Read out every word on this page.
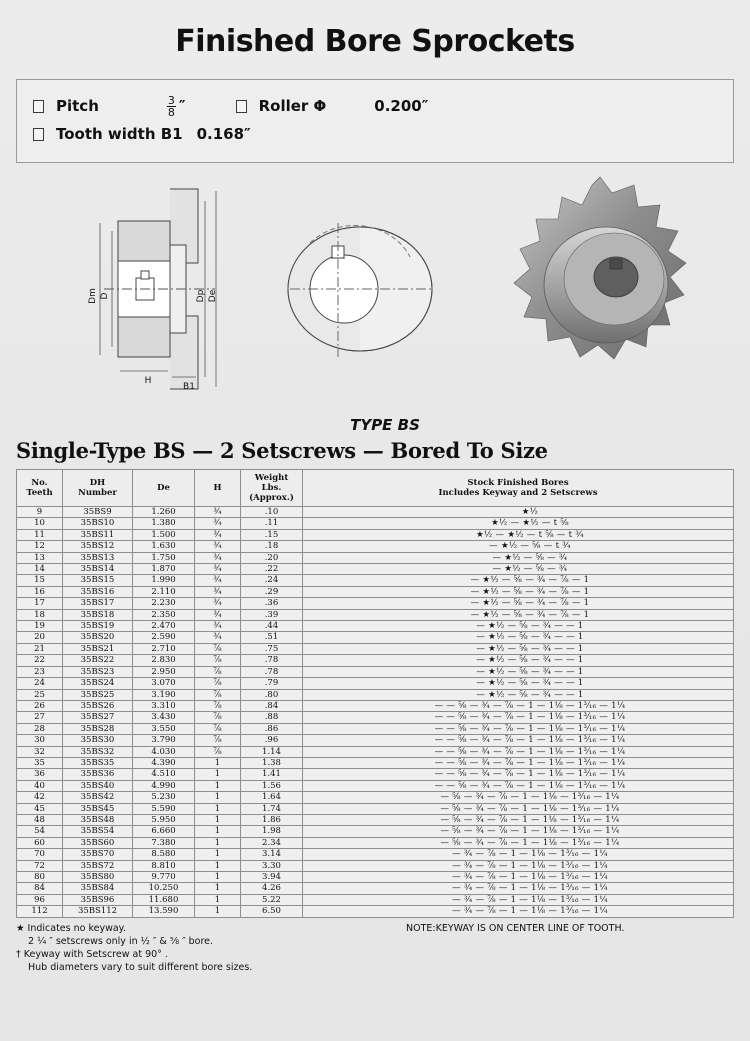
Finished Bore Sprockets
Pitch	$\frac{3}{8}$ ″	Roller Φ	0.200″
Tooth width B1 0.168″
Dm D	Dp De
H
B1
TYPE BS
Single-Type BS — 2 Setscrews — Bored To Size
No.
Teeth	DH
Number	De	H	Weight
Lbs.
(Approx.)	Stock Finished Bores
Includes Keyway and 2 Setscrews
9	35BS9	1.260	¾	.10	★½
10	35BS10	1.380	¾	.11	★½ — ★½ — t ⅝
11	35BS11	1.500	¾	.15	★½ — ★½ — t ⅝ — t ¾
12	35BS12	1.630	¾	.18	— ★½ — ⅝ — t ¾
13	35BS13	1.750	¾	.20	— ★½ — ⅝ — ¾
14	35BS14	1.870	¾	.22	— ★½ — ⅝ — ¾
15	35BS15	1.990	¾	.24	— ★½ — ⅝ — ¾ — ⅞ — 1
16	35BS16	2.110	¾	.29	— ★½ — ⅝ — ¾ — ⅞ — 1
17	35BS17	2.230	¾	.36	— ★½ — ⅝ — ¾ — ⅞ — 1
18	35BS18	2.350	¾	.39	— ★½ — ⅝ — ¾ — ⅞ — 1
19	35BS19	2.470	¾	.44	— ★½ — ⅝ — ¾ — — 1
20	35BS20	2.590	¾	.51	— ★½ — ⅝ — ¾ — — 1
21	35BS21	2.710	⅞	.75	— ★½ — ⅝ — ¾ — — 1
22	35BS22	2.830	⅞	.78	— ★½ — ⅝ — ¾ — — 1
23	35BS23	2.950	⅞	.78	— ★½ — ⅝ — ¾ — — 1
24	35BS24	3.070	⅞	.79	— ★½ — ⅝ — ¾ — — 1
25	35BS25	3.190	⅞	.80	— ★½ — ⅝ — ¾ — — 1
26	35BS26	3.310	⅞	.84	— — ⅝ — ¾ — ⅞ — 1 — 1⅛ — 1³⁄₁₆ — 1¼
27	35BS27	3.430	⅞	.88	— — ⅝ — ¾ — ⅞ — 1 — 1⅛ — 1³⁄₁₆ — 1¼
28	35BS28	3.550	⅞	.86	— — ⅝ — ¾ — ⅞ — 1 — 1⅛ — 1³⁄₁₆ — 1¼
30	35BS30	3.790	⅞	.96	— — ⅝ — ¾ — ⅞ — 1 — 1⅛ — 1³⁄₁₆ — 1¼
32	35BS32	4.030	⅞	1.14	— — ⅝ — ¾ — ⅞ — 1 — 1⅛ — 1³⁄₁₆ — 1¼
35	35BS35	4.390	1	1.38	— — ⅝ — ¾ — ⅞ — 1 — 1⅛ — 1³⁄₁₆ — 1¼
36	35BS36	4.510	1	1.41	— — ⅝ — ¾ — ⅞ — 1 — 1⅛ — 1³⁄₁₆ — 1¼
40	35BS40	4.990	1	1.56	— — ⅝ — ¾ — ⅞ — 1 — 1⅛ — 1³⁄₁₆ — 1¼
42	35BS42	5.230	1	1.64	— ⅝ — ¾ — ⅞ — 1 — 1⅛ — 1³⁄₁₆ — 1¼
45	35BS45	5.590	1	1.74	— ⅝ — ¾ — ⅞ — 1 — 1⅛ — 1³⁄₁₆ — 1¼
48	35BS48	5.950	1	1.86	— ⅝ — ¾ — ⅞ — 1 — 1⅛ — 1³⁄₁₆ — 1¼
54	35BS54	6.660	1	1.98	— ⅝ — ¾ — ⅞ — 1 — 1⅛ — 1³⁄₁₆ — 1¼
60	35BS60	7.380	1	2.34	— ⅝ — ¾ — ⅞ — 1 — 1⅛ — 1³⁄₁₆ — 1¼
70	35BS70	8.580	1	3.14	— ¾ — ⅞ — 1 — 1⅛ — 1³⁄₁₆ — 1¼
72	35BS72	8.810	1	3.30	— ¾ — ⅞ — 1 — 1⅛ — 1³⁄₁₆ — 1¼
80	35BS80	9.770	1	3.94	— ¾ — ⅞ — 1 — 1⅛ — 1³⁄₁₆ — 1¼
84	35BS84	10.250	1	4.26	— ¾ — ⅞ — 1 — 1⅛ — 1³⁄₁₆ — 1¼
96	35BS96	11.680	1	5.22	— ¾ — ⅞ — 1 — 1⅛ — 1³⁄₁₆ — 1¼
112	35BS112	13.590	1	6.50	— ¾ — ⅞ — 1 — 1⅛ — 1³⁄₁₆ — 1¼
★ Indicates no keyway.
2 ¼ ″ setscrews only in ½ ″ & ⅝ ″ bore.
† Keyway with Setscrew at 90° .
Hub diameters vary to suit different bore sizes.
NOTE:KEYWAY IS ON CENTER LINE OF TOOTH.
